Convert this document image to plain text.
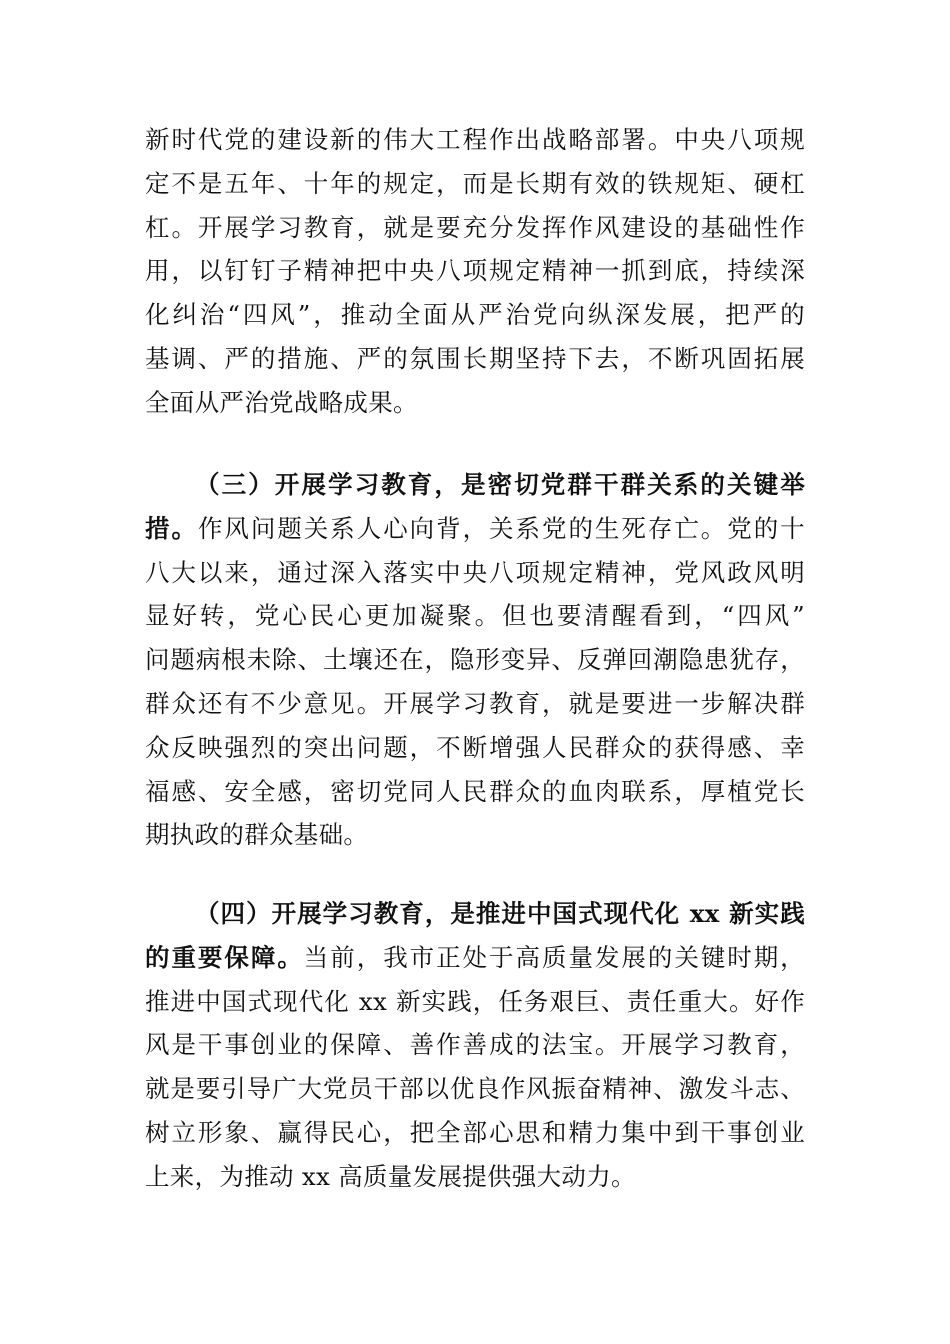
新时代党的建设新的伟大工程作出战略部署。中央八项规
定不是五年、十年的规定，而是长期有效的铁规矩、硬杠
杠。开展学习教育，就是要充分发挥作风建设的基础性作
用，以钉钉子精神把中央八项规定精神一抓到底，持续深
化纠治“四风”，推动全面从严治党向纵深发展，把严的
基调、严的措施、严的氛围长期坚持下去，不断巩固拓展
全面从严治党战略成果。
（三）开展学习教育，是密切党群干群关系的关键举
措。作风问题关系人心向背，关系党的生死存亡。党的十
八大以来，通过深入落实中央八项规定精神，党风政风明
显好转，党心民心更加凝聚。但也要清醒看到，“四风”
问题病根未除、土壤还在，隐形变异、反弹回潮隐患犹存，
群众还有不少意见。开展学习教育，就是要进一步解决群
众反映强烈的突出问题，不断增强人民群众的获得感、幸
福感、安全感，密切党同人民群众的血肉联系，厚植党长
期执政的群众基础。
（四）开展学习教育，是推进中国式现代化 xx 新实践
的重要保障。当前，我市正处于高质量发展的关键时期，
推进中国式现代化 xx 新实践，任务艰巨、责任重大。好作
风是干事创业的保障、善作善成的法宝。开展学习教育，
就是要引导广大党员干部以优良作风振奋精神、激发斗志、
树立形象、赢得民心，把全部心思和精力集中到干事创业
上来，为推动 xx 高质量发展提供强大动力。
